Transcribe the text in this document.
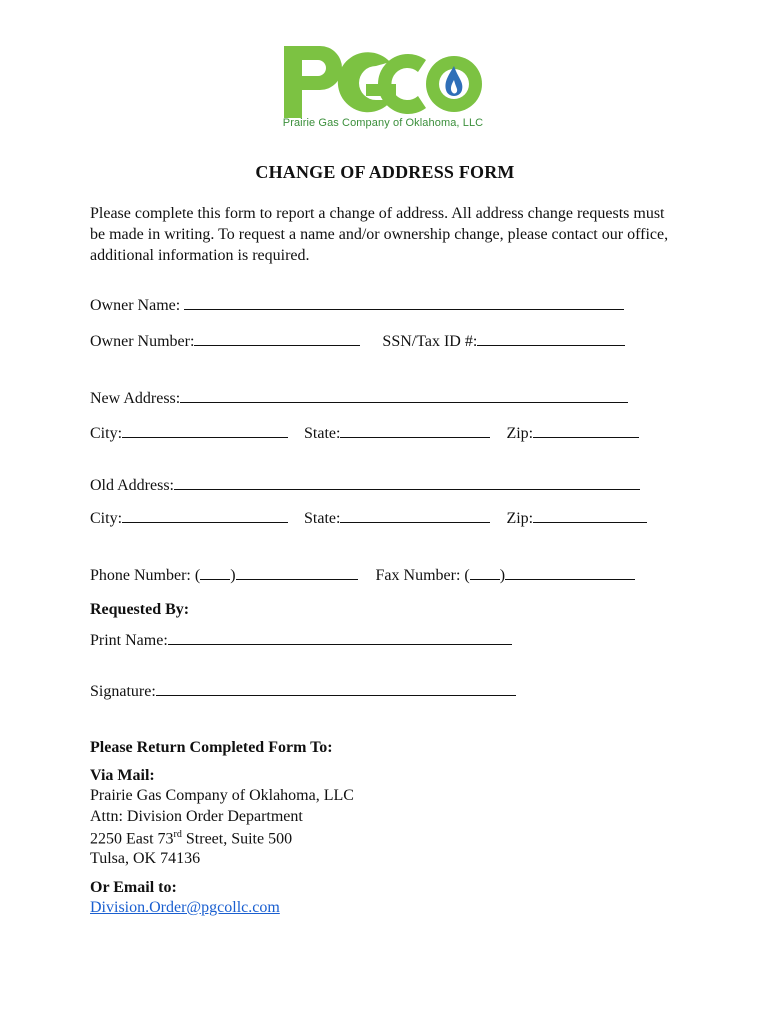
Prairie Gas Company of Oklahoma, LLC
CHANGE OF ADDRESS FORM
Please complete this form to report a change of address. All address change requests must be made in writing. To request a name and/or ownership change, please contact our office, additional information is required.
Owner Name:
Owner Number:	SSN/Tax ID #:
New Address:
City:	State:	Zip:
Old Address:
City:	State:	Zip:
Phone Number: ( )	Fax Number: ( )
Requested By:
Print Name:
Signature:
Please Return Completed Form To:
Via Mail:
Prairie Gas Company of Oklahoma, LLC
Attn: Division Order Department
2250 East 73rd Street, Suite 500
Tulsa, OK 74136
Or Email to:
Division.Order@pgcollc.com
